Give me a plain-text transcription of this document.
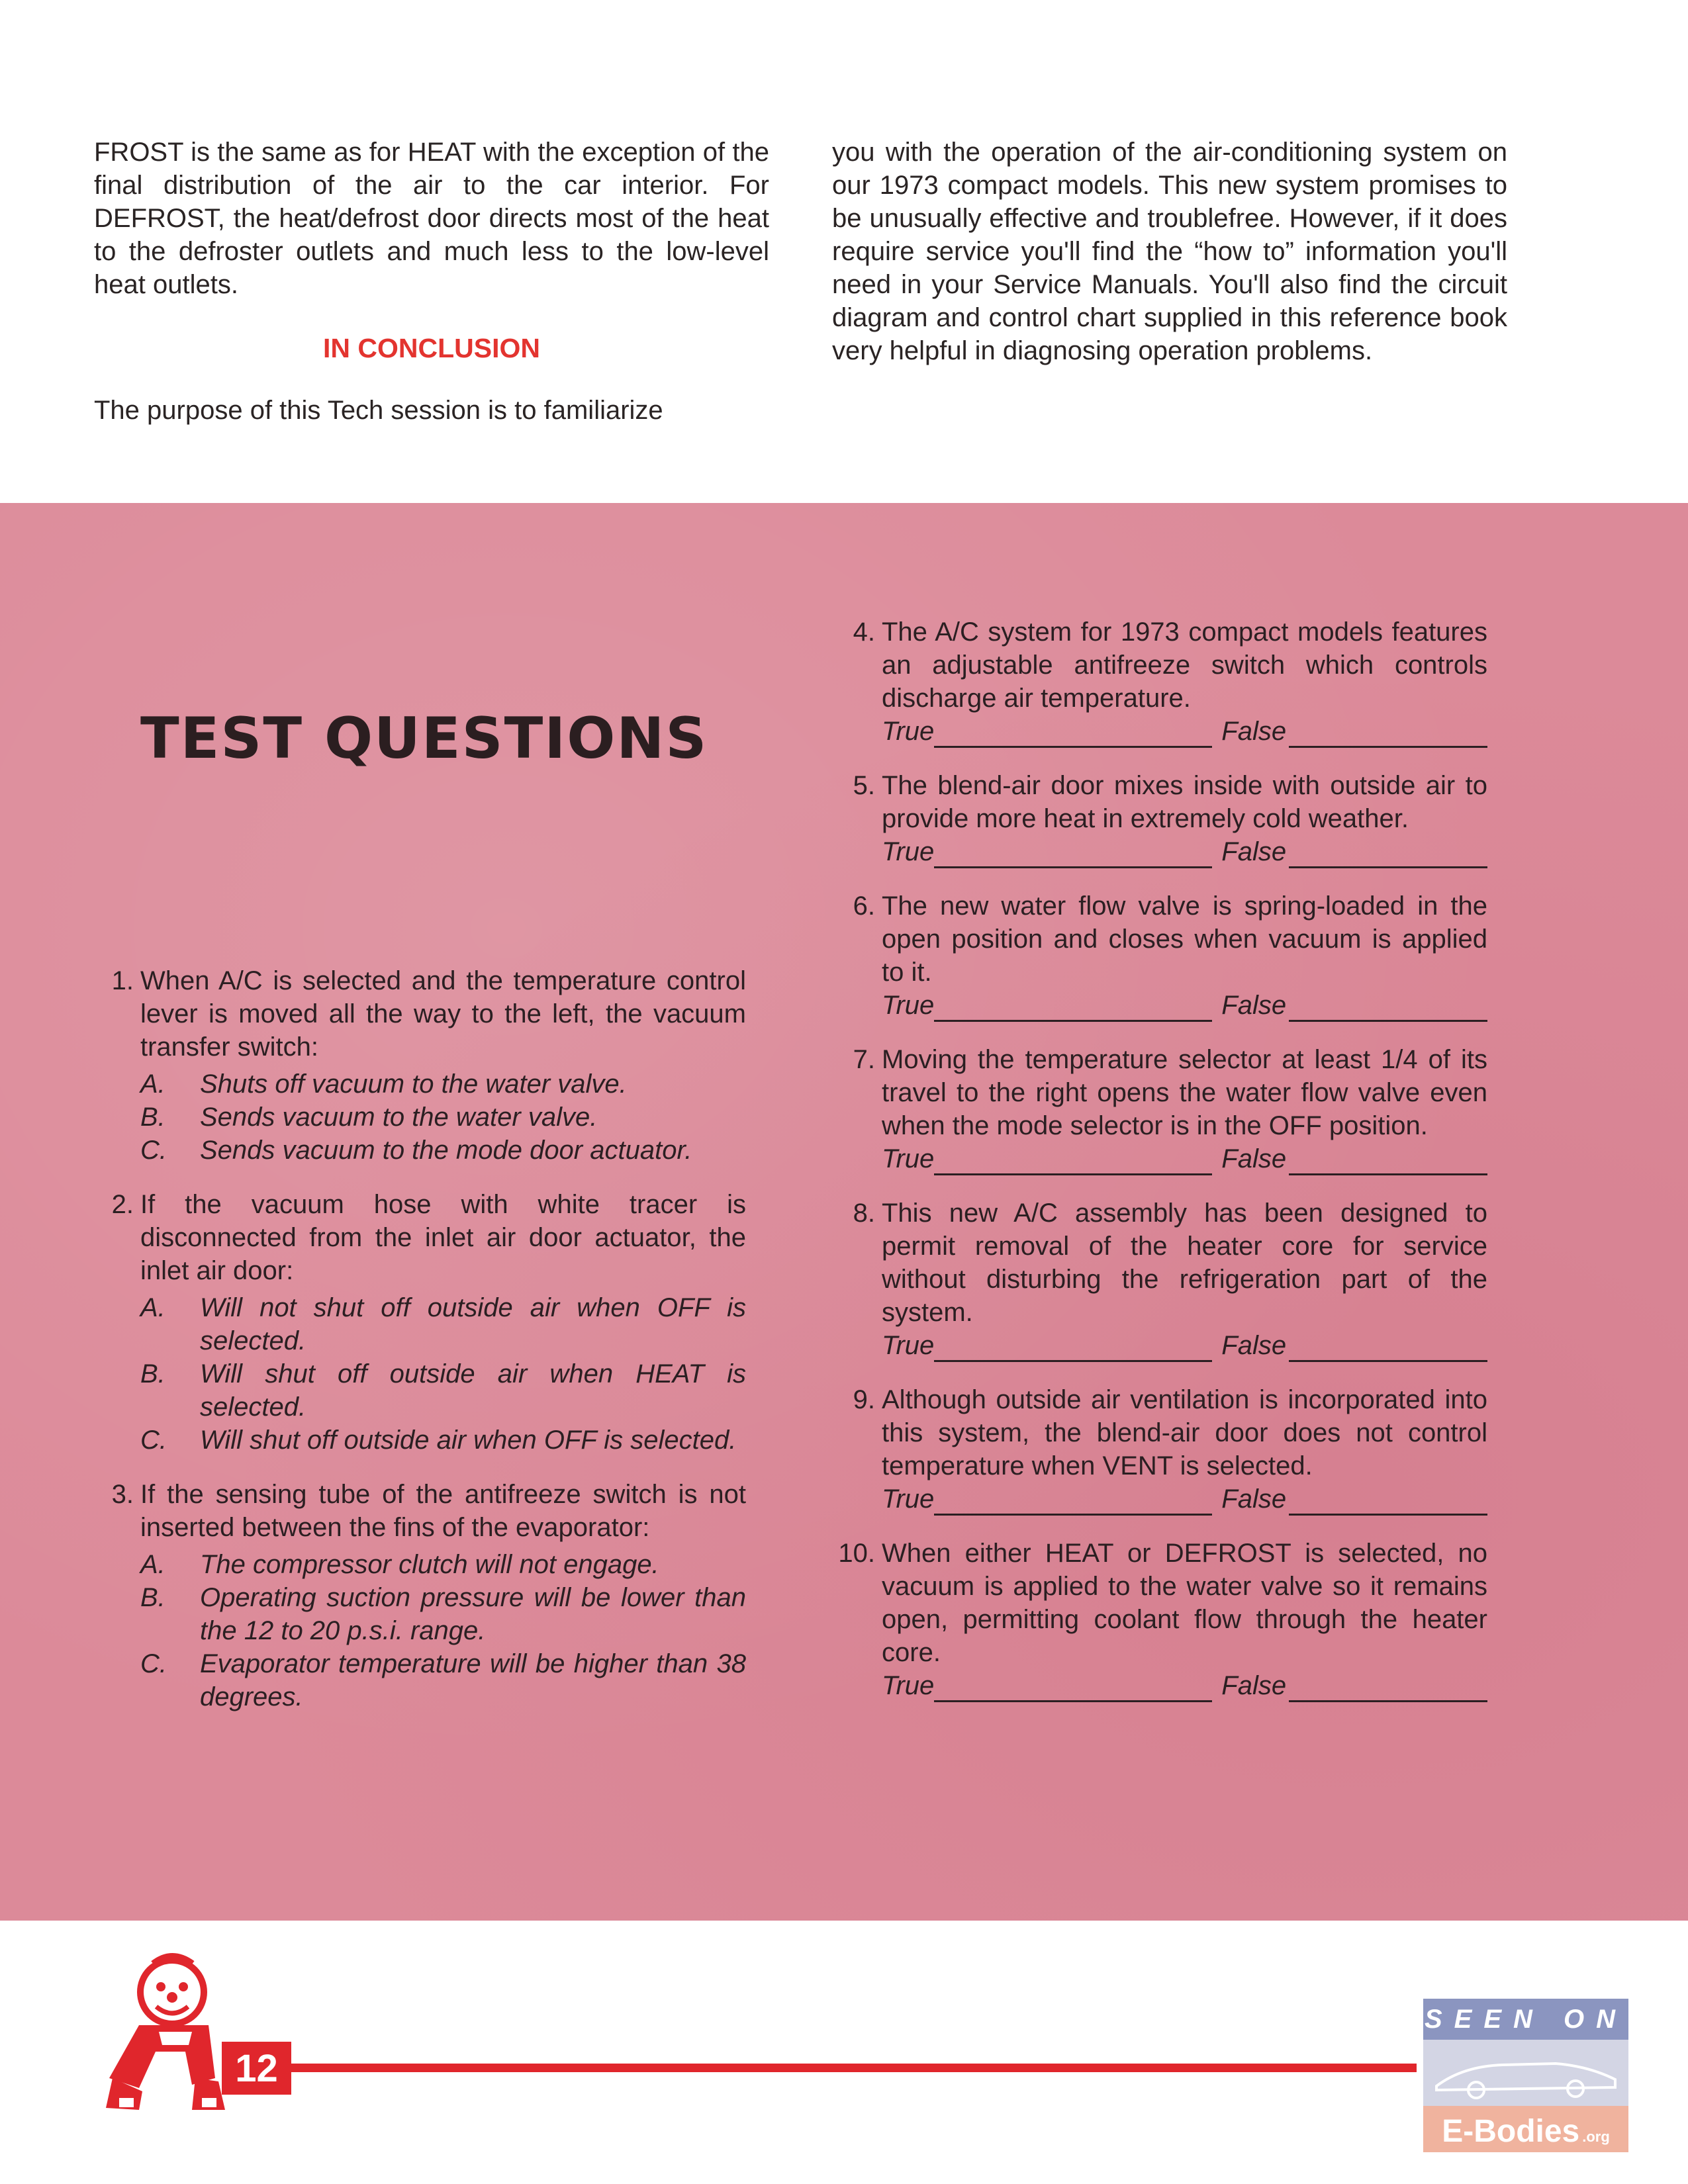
FROST is the same as for HEAT with the exception of the final distribution of the air to the car interior. For DEFROST, the heat/defrost door directs most of the heat to the defroster outlets and much less to the low-level heat outlets.

IN CONCLUSION

The purpose of this Tech session is to familiarize

you with the operation of the air-conditioning system on our 1973 compact models. This new system promises to be unusually effective and troublefree. However, if it does require service you'll find the “how to” information you'll need in your Service Manuals. You'll also find the circuit diagram and control chart supplied in this reference book very helpful in diagnosing operation problems.

TEST QUESTIONS
1. When A/C is selected and the temperature control lever is moved all the way to the left, the vacuum transfer switch:
A. Shuts off vacuum to the water valve.
B. Sends vacuum to the water valve.
C. Sends vacuum to the mode door actuator.
2. If the vacuum hose with white tracer is disconnected from the inlet air door actuator, the inlet air door:
A. Will not shut off outside air when OFF is selected.
B. Will shut off outside air when HEAT is selected.
C. Will shut off outside air when OFF is selected.
3. If the sensing tube of the antifreeze switch is not inserted between the fins of the evaporator:
A. The compressor clutch will not engage.
B. Operating suction pressure will be lower than the 12 to 20 p.s.i. range.
C. Evaporator temperature will be higher than 38 degrees.
4. The A/C system for 1973 compact models features an adjustable antifreeze switch which controls discharge air temperature.
True	False
5. The blend-air door mixes inside with outside air to provide more heat in extremely cold weather.
True	False
6. The new water flow valve is spring-loaded in the open position and closes when vacuum is applied to it.
True	False
7. Moving the temperature selector at least 1/4 of its travel to the right opens the water flow valve even when the mode selector is in the OFF position.
True	False
8. This new A/C assembly has been designed to permit removal of the heater core for service without disturbing the refrigeration part of the system.
True	False
9. Although outside air ventilation is incorporated into this system, the blend-air door does not control temperature when VENT is selected.
True	False
10. When either HEAT or DEFROST is selected, no vacuum is applied to the water valve so it remains open, permitting coolant flow through the heater core.
True	False
12
SEEN ON
E-Bodies .org
